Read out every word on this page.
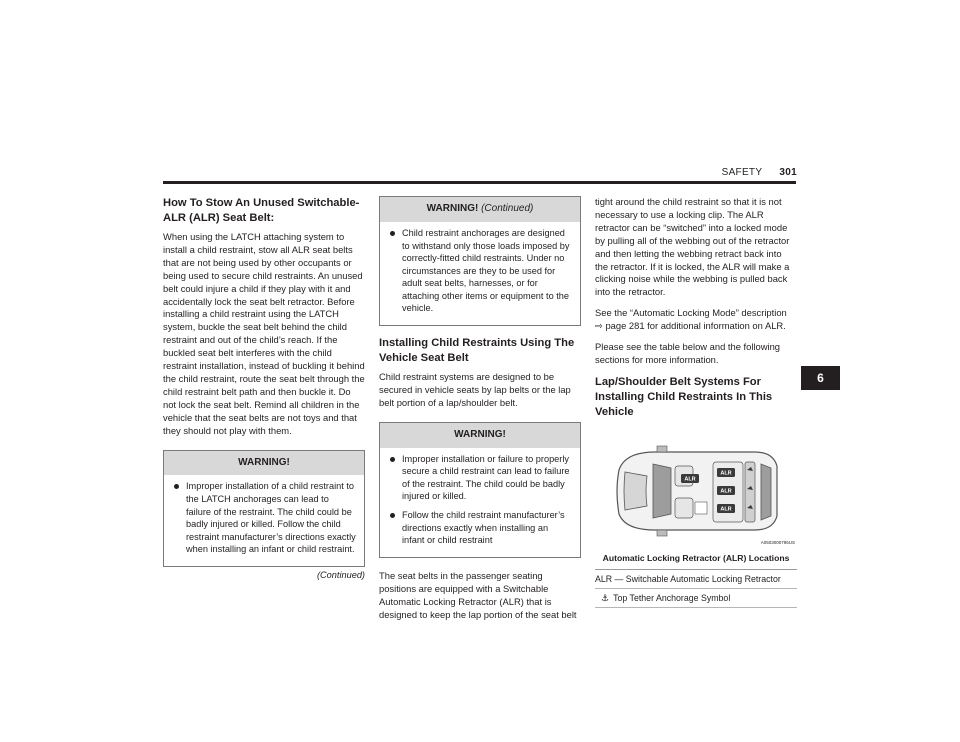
SAFETY 301
How To Stow An Unused Switchable-ALR (ALR) Seat Belt:

When using the LATCH attaching system to install a child restraint, stow all ALR seat belts that are not being used by other occupants or being used to secure child restraints. An unused belt could injure a child if they play with it and accidentally lock the seat belt retractor. Before installing a child restraint using the LATCH system, buckle the seat belt behind the child restraint and out of the child’s reach. If the buckled seat belt interferes with the child restraint installation, instead of buckling it behind the child restraint, route the seat belt through the child restraint belt path and then buckle it. Do not lock the seat belt. Remind all children in the vehicle that the seat belts are not toys and that they should not play with them.

WARNING!
Improper installation of a child restraint to the LATCH anchorages can lead to failure of the restraint. The child could be badly injured or killed. Follow the child restraint manufacturer’s directions exactly when installing an infant or child restraint.
(Continued)
WARNING! (Continued)
Child restraint anchorages are designed to withstand only those loads imposed by correctly-fitted child restraints. Under no circumstances are they to be used for adult seat belts, harnesses, or for attaching other items or equipment to the vehicle.
Installing Child Restraints Using The Vehicle Seat Belt

Child restraint systems are designed to be secured in vehicle seats by lap belts or the lap belt portion of a lap/shoulder belt.

WARNING!
Improper installation or failure to properly secure a child restraint can lead to failure of the restraint. The child could be badly injured or killed.
Follow the child restraint manufacturer’s directions exactly when installing an infant or child restraint

The seat belts in the passenger seating positions are equipped with a Switchable Automatic Locking Retractor (ALR) that is designed to keep the lap portion of the seat belt

tight around the child restraint so that it is not necessary to use a locking clip. The ALR retractor can be “switched” into a locked mode by pulling all of the webbing out of the retractor and then letting the webbing retract back into the retractor. If it is locked, the ALR will make a clicking noise while the webbing is pulled back into the retractor.

See the “Automatic Locking Mode” description ⇨ page 281 for additional information on ALR.

Please see the table below and the following sections for more information.

Lap/Shoulder Belt Systems For Installing Child Restraints In This Vehicle
ALR
ALR
ALR
ALR
A0503000796US
Automatic Locking Retractor (ALR) Locations
ALR — Switchable Automatic Locking Retractor
⚓ Top Tether Anchorage Symbol
6
